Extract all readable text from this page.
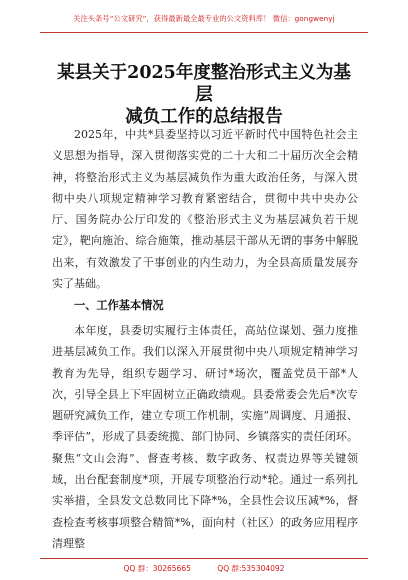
关注头条号“公文研究”，获得最新最全最专业的公文资料库！ 微信：gongwenyj
某县关于2025年度整治形式主义为基层
减负工作的总结报告

2025年，中共*县委坚持以习近平新时代中国特色社会主义思想为指导，深入贯彻落实党的二十大和二十届历次全会精神，将整治形式主义为基层减负作为重大政治任务，与深入贯彻中央八项规定精神学习教育紧密结合，贯彻中共中央办公厅、国务院办公厅印发的《整治形式主义为基层减负若干规定》，靶向施治、综合施策，推动基层干部从无谓的事务中解脱出来，有效激发了干事创业的内生动力，为全县高质量发展夯实了基础。

一、工作基本情况

本年度，县委切实履行主体责任，高站位谋划、强力度推进基层减负工作。我们以深入开展贯彻中央八项规定精神学习教育为先导，组织专题学习、研讨*场次，覆盖党员干部*人次，引导全县上下牢固树立正确政绩观。县委常委会先后*次专题研究减负工作，建立专项工作机制，实施“周调度、月通报、季评估”，形成了县委统揽、部门协同、乡镇落实的责任闭环。聚焦“文山会海”、督查考核、数字政务、权责边界等关键领域，出台配套制度*项，开展专项整治行动*轮。通过一系列扎实举措，全县发文总数同比下降*%，全县性会议压减*%，督查检查考核事项整合精简*%，面向村（社区）的政务应用程序清理整

QQ 群：30265665	QQ 群:535304092
